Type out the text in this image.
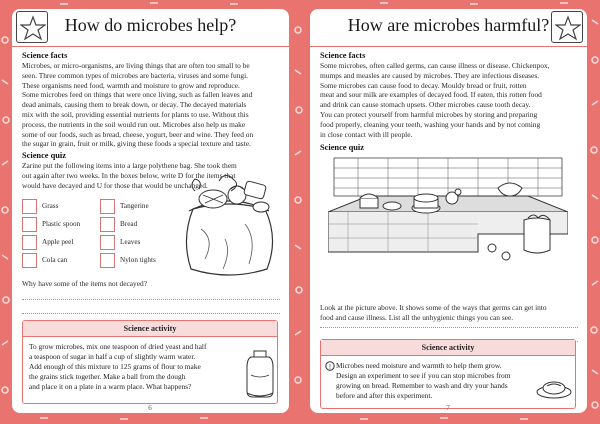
How do microbes help?
Science facts
Microbes, or micro-organisms, are living things that are often too small to be
seen. Three common types of microbes are bacteria, viruses and some fungi.
These organisms need food, warmth and moisture to grow and reproduce.
Some microbes feed on things that were once living, such as fallen leaves and
dead animals, causing them to break down, or decay. The decayed materials
mix with the soil, providing essential nutrients for plants to use. Without this
process, the nutrients in the soil would run out. Microbes also help us make
some of our foods, such as bread, cheese, yogurt, beer and wine. They feed on
the sugar in grain, fruit or milk, giving these foods a special texture and taste.
Science quiz
Zarine put the following items into a large polythene bag. She took them
out again after two weeks. In the boxes below, write D for the items that
would have decayed and U for those that would be unchanged.
Grass
Plastic spoon
Apple peel
Cola can
Tangerine
Bread
Leaves
Nylon tights
Why have some of the items not decayed?
Science activity
To grow microbes, mix one teaspoon of dried yeast and half
a teaspoon of sugar in half a cup of slightly warm water.
Add enough of this mixture to 125 grams of flour to make
the grains stick together. Make a ball from the dough
and place it on a plate in a warm place. What happens?
6
How are microbes harmful?
Science facts
Some microbes, often called germs, can cause illness or disease. Chickenpox,
mumps and measles are caused by microbes. They are infectious diseases.
Some microbes can cause food to decay. Mouldy bread or fruit, rotten
meat and sour milk are examples of decayed food. If eaten, this rotten food
and drink can cause stomach upsets. Other microbes cause tooth decay.
You can protect yourself from harmful microbes by storing and preparing
food properly, cleaning your teeth, washing your hands and by not coming
in close contact with ill people.
Science quiz
Look at the picture above. It shows some of the ways that germs can get into
food and cause illness. List all the unhygienic things you can see.
Science activity
! Microbes need moisture and warmth to help them grow.
Design an experiment to see if you can stop microbes from
growing on bread. Remember to wash and dry your hands
before and after this experiment.
7
